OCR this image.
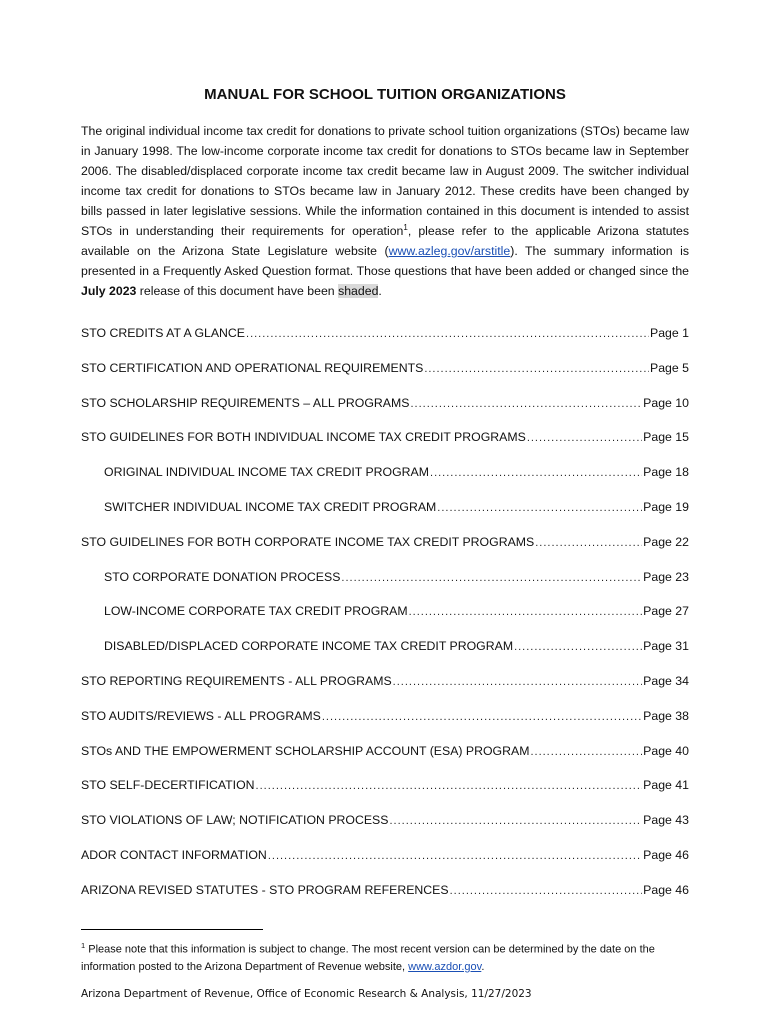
MANUAL FOR SCHOOL TUITION ORGANIZATIONS
The original individual income tax credit for donations to private school tuition organizations (STOs) became law in January 1998. The low-income corporate income tax credit for donations to STOs became law in September 2006. The disabled/displaced corporate income tax credit became law in August 2009. The switcher individual income tax credit for donations to STOs became law in January 2012. These credits have been changed by bills passed in later legislative sessions. While the information contained in this document is intended to assist STOs in understanding their requirements for operation$^1$, please refer to the applicable Arizona statutes available on the Arizona State Legislature website (www.azleg.gov/arstitle). The summary information is presented in a Frequently Asked Question format. Those questions that have been added or changed since the July 2023 release of this document have been shaded.
STO CREDITS AT A GLANCE .....	Page 1
STO CERTIFICATION AND OPERATIONAL REQUIREMENTS .....	Page 5
STO SCHOLARSHIP REQUIREMENTS – ALL PROGRAMS .....	Page 10
STO GUIDELINES FOR BOTH INDIVIDUAL INCOME TAX CREDIT PROGRAMS .....	Page 15
ORIGINAL INDIVIDUAL INCOME TAX CREDIT PROGRAM .....	Page 18
SWITCHER INDIVIDUAL INCOME TAX CREDIT PROGRAM .....	Page 19
STO GUIDELINES FOR BOTH CORPORATE INCOME TAX CREDIT PROGRAMS .....	Page 22
STO CORPORATE DONATION PROCESS .....	Page 23
LOW-INCOME CORPORATE TAX CREDIT PROGRAM .....	Page 27
DISABLED/DISPLACED CORPORATE INCOME TAX CREDIT PROGRAM .....	Page 31
STO REPORTING REQUIREMENTS - ALL PROGRAMS .....	Page 34
STO AUDITS/REVIEWS - ALL PROGRAMS .....	Page 38
STOs AND THE EMPOWERMENT SCHOLARSHIP ACCOUNT (ESA) PROGRAM .....	Page 40
STO SELF-DECERTIFICATION .....	Page 41
STO VIOLATIONS OF LAW; NOTIFICATION PROCESS .....	Page 43
ADOR CONTACT INFORMATION .....	Page 46
ARIZONA REVISED STATUTES - STO PROGRAM REFERENCES .....	Page 46
$^1$ Please note that this information is subject to change. The most recent version can be determined by the date on the information posted to the Arizona Department of Revenue website, www.azdor.gov.
Arizona Department of Revenue, Office of Economic Research & Analysis, 11/27/2023
